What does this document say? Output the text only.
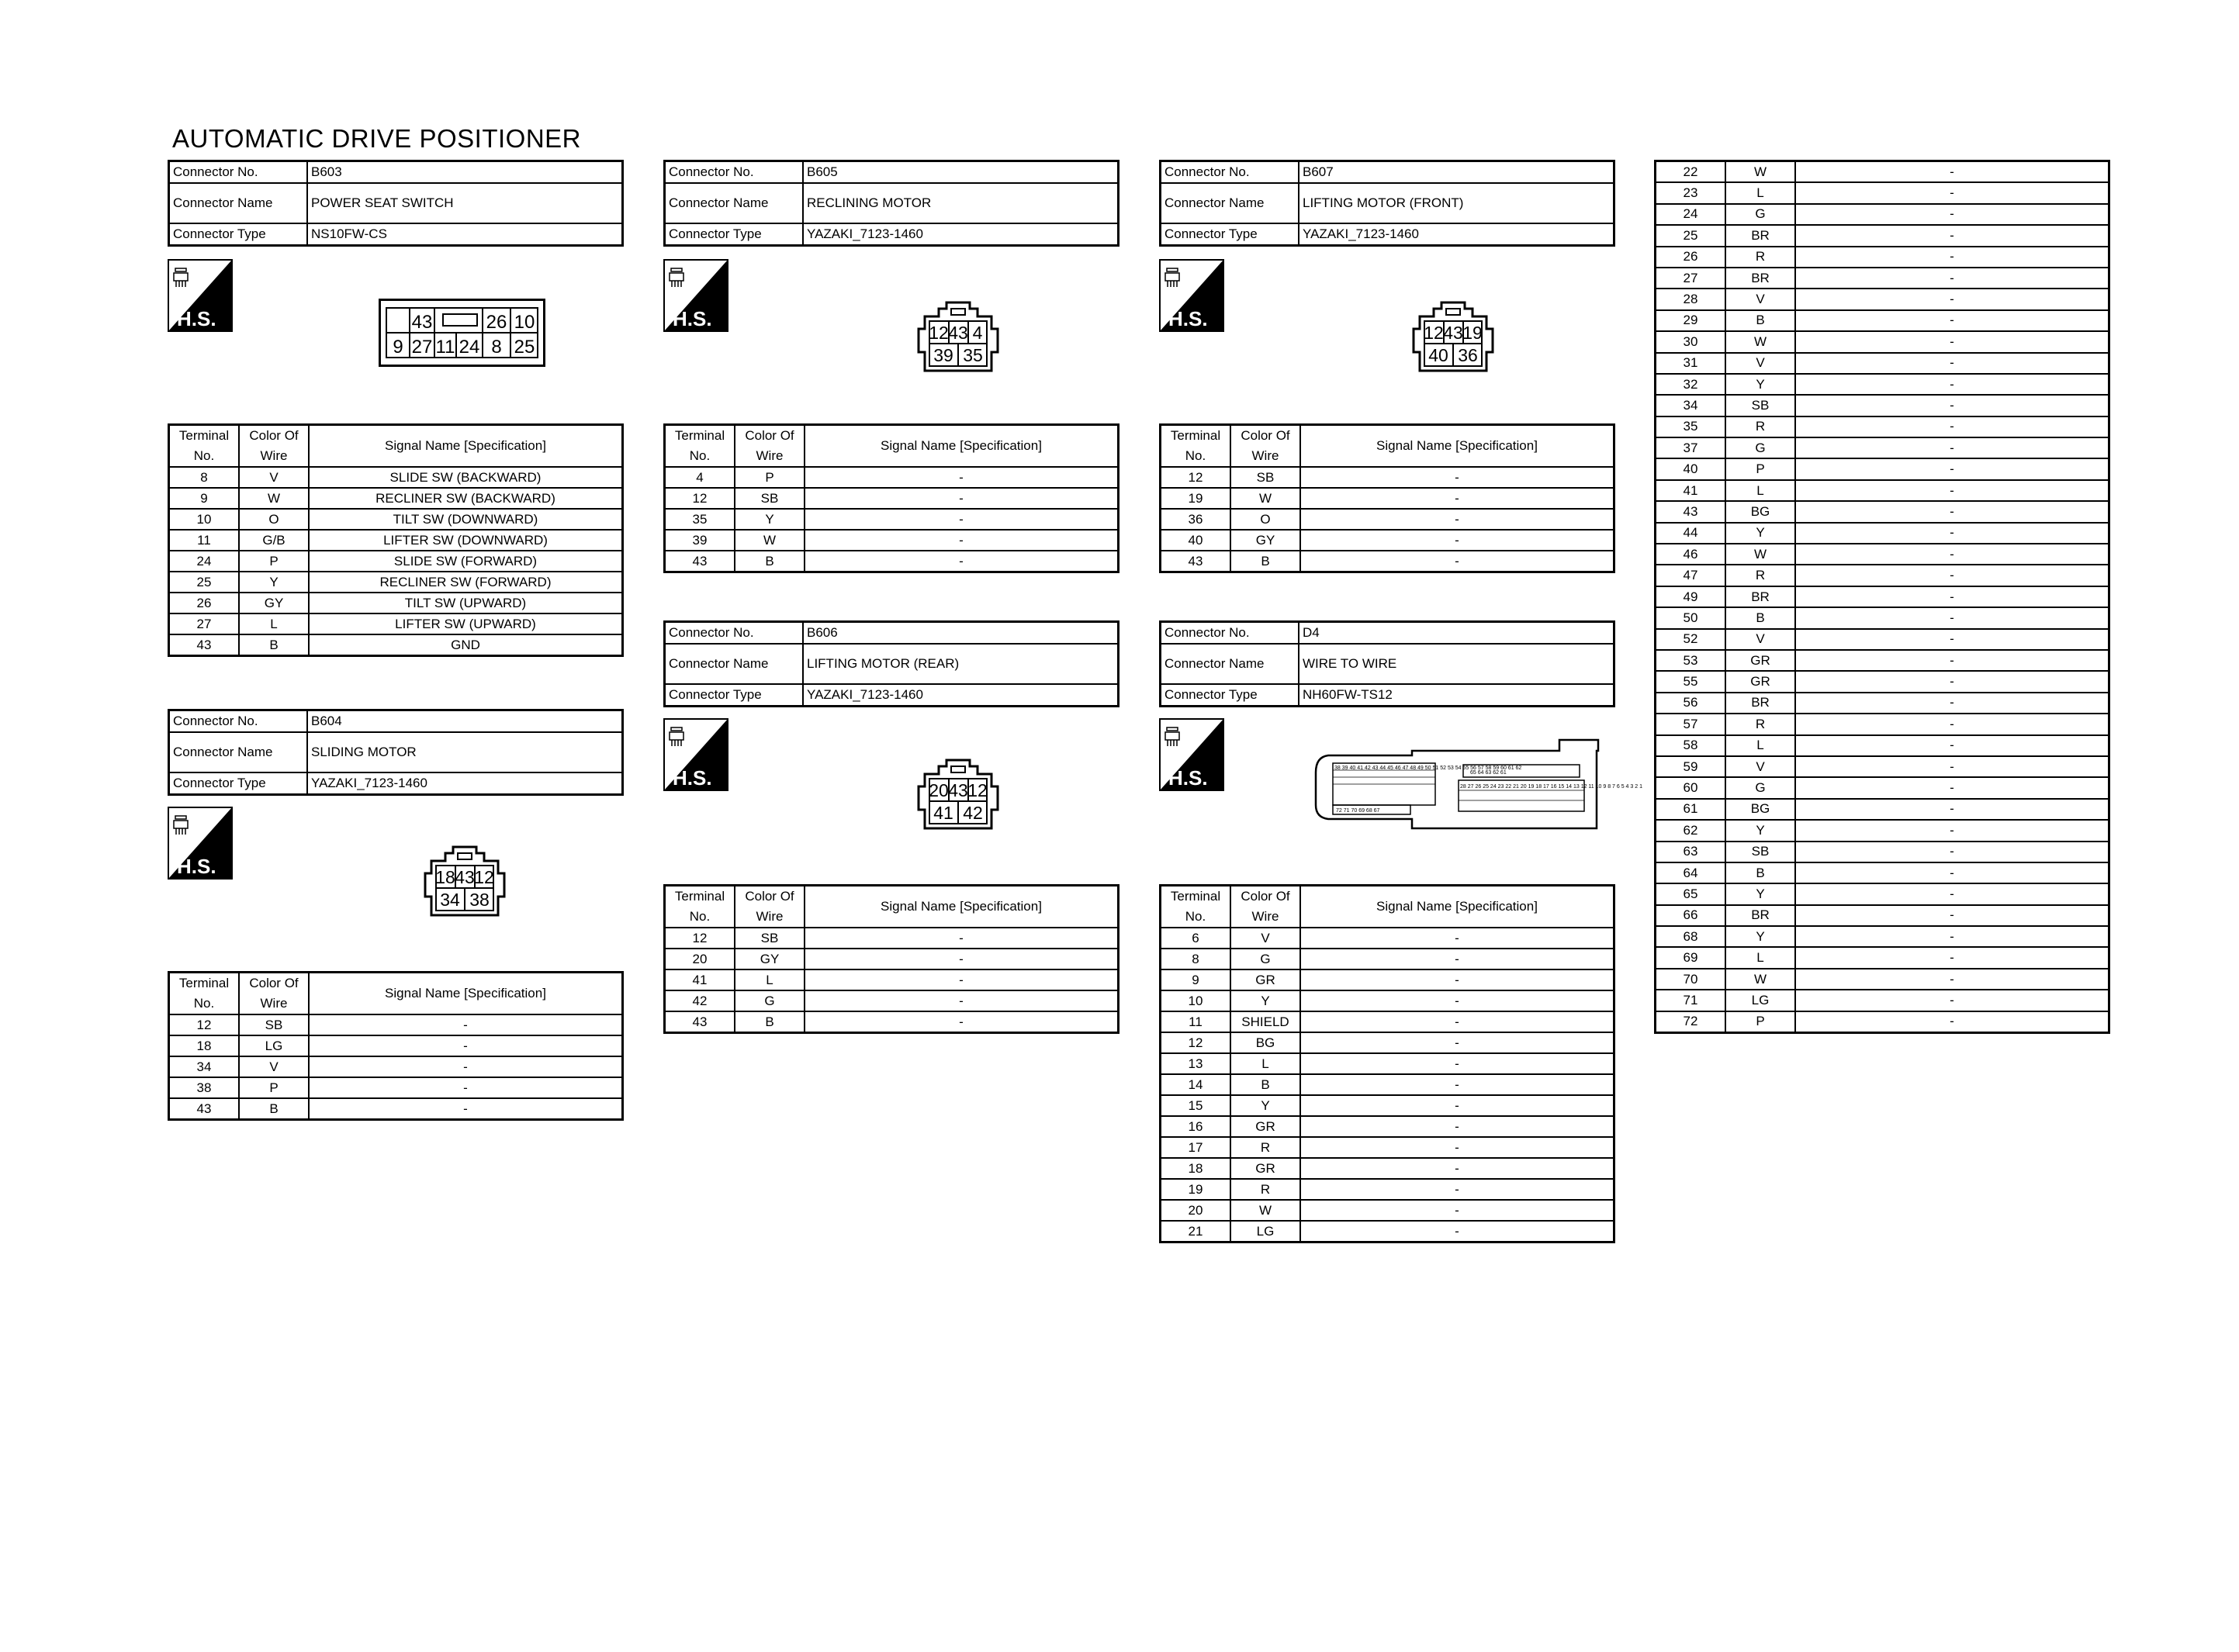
AUTOMATIC DRIVE POSITIONER
Connector No.	B603
Connector Name	POWER SEAT SWITCH
Connector Type	NS10FW-CS
H.S.	43	26 10
9 27 11 24 8 25
Terminal
No.	Color Of
Wire	Signal Name [Specification]
8	V	SLIDE SW (BACKWARD)
9	W	RECLINER SW (BACKWARD)
10	O	TILT SW (DOWNWARD)
11	G/B	LIFTER SW (DOWNWARD)
24	P	SLIDE SW (FORWARD)
25	Y	RECLINER SW (FORWARD)
26	GY	TILT SW (UPWARD)
27	L	LIFTER SW (UPWARD)
43	B	GND
Connector No.	B604
Connector Name	SLIDING MOTOR
Connector Type	YAZAKI_7123-1460
H.S.	18 43 12
34 38
Terminal
No.	Color Of
Wire	Signal Name [Specification]
12	SB	-
18	LG	-
34	V	-
38	P	-
43	B	-
Connector No.	B605
Connector Name	RECLINING MOTOR
Connector Type	YAZAKI_7123-1460
H.S.
12 43 4
39 35
Terminal
No.	Color Of
Wire	Signal Name [Specification]
4	P	-
12	SB	-
35	Y	-
39	W	-
43	B	-
Connector No.	B606
Connector Name	LIFTING MOTOR (REAR)
Connector Type	YAZAKI_7123-1460
H.S.
20 43 12
41 42
Terminal
No.	Color Of
Wire	Signal Name [Specification]
12	SB	-
20	GY	-
41	L	-
42	G	-
43	B	-
Connector No.	B607
Connector Name	LIFTING MOTOR (FRONT)
Connector Type	YAZAKI_7123-1460
H.S.
12 43 19
40 36
Terminal
No.	Color Of
Wire	Signal Name [Specification]
12	SB	-
19	W	-
36	O	-
40	GY	-
43	B	-
Connector No.	D4
Connector Name	WIRE TO WIRE
Connector Type	NH60FW-TS12
H.S.	38 39 40 41 42 43 44 45 46 47 48 49 50 51 52 53 54 55 56 57 58 59 60 61 62
72 71 70 69 68 67
65 64 63 62 61
28 27 26 25 24 23 22 21 20 19 18 17 16 15 14 13 12 11 10 9 8 7 6 5 4 3 2 1
Terminal
No.	Color Of
Wire	Signal Name [Specification]
6	V	-
8	G	-
9	GR	-
10	Y	-
11	SHIELD	-
12	BG	-
13	L	-
14	B	-
15	Y	-
16	GR	-
17	R	-
18	GR	-
19	R	-
20	W	-
21	LG	-
22	W	-
23	L	-
24	G	-
25	BR	-
26	R	-
27	BR	-
28	V	-
29	B	-
30	W	-
31	V	-
32	Y	-
34	SB	-
35	R	-
37	G	-
40	P	-
41	L	-
43	BG	-
44	Y	-
46	W	-
47	R	-
49	BR	-
50	B	-
52	V	-
53	GR	-
55	GR	-
56	BR	-
57	R	-
58	L	-
59	V	-
60	G	-
61	BG	-
62	Y	-
63	SB	-
64	B	-
65	Y	-
66	BR	-
68	Y	-
69	L	-
70	W	-
71	LG	-
72	P	-
